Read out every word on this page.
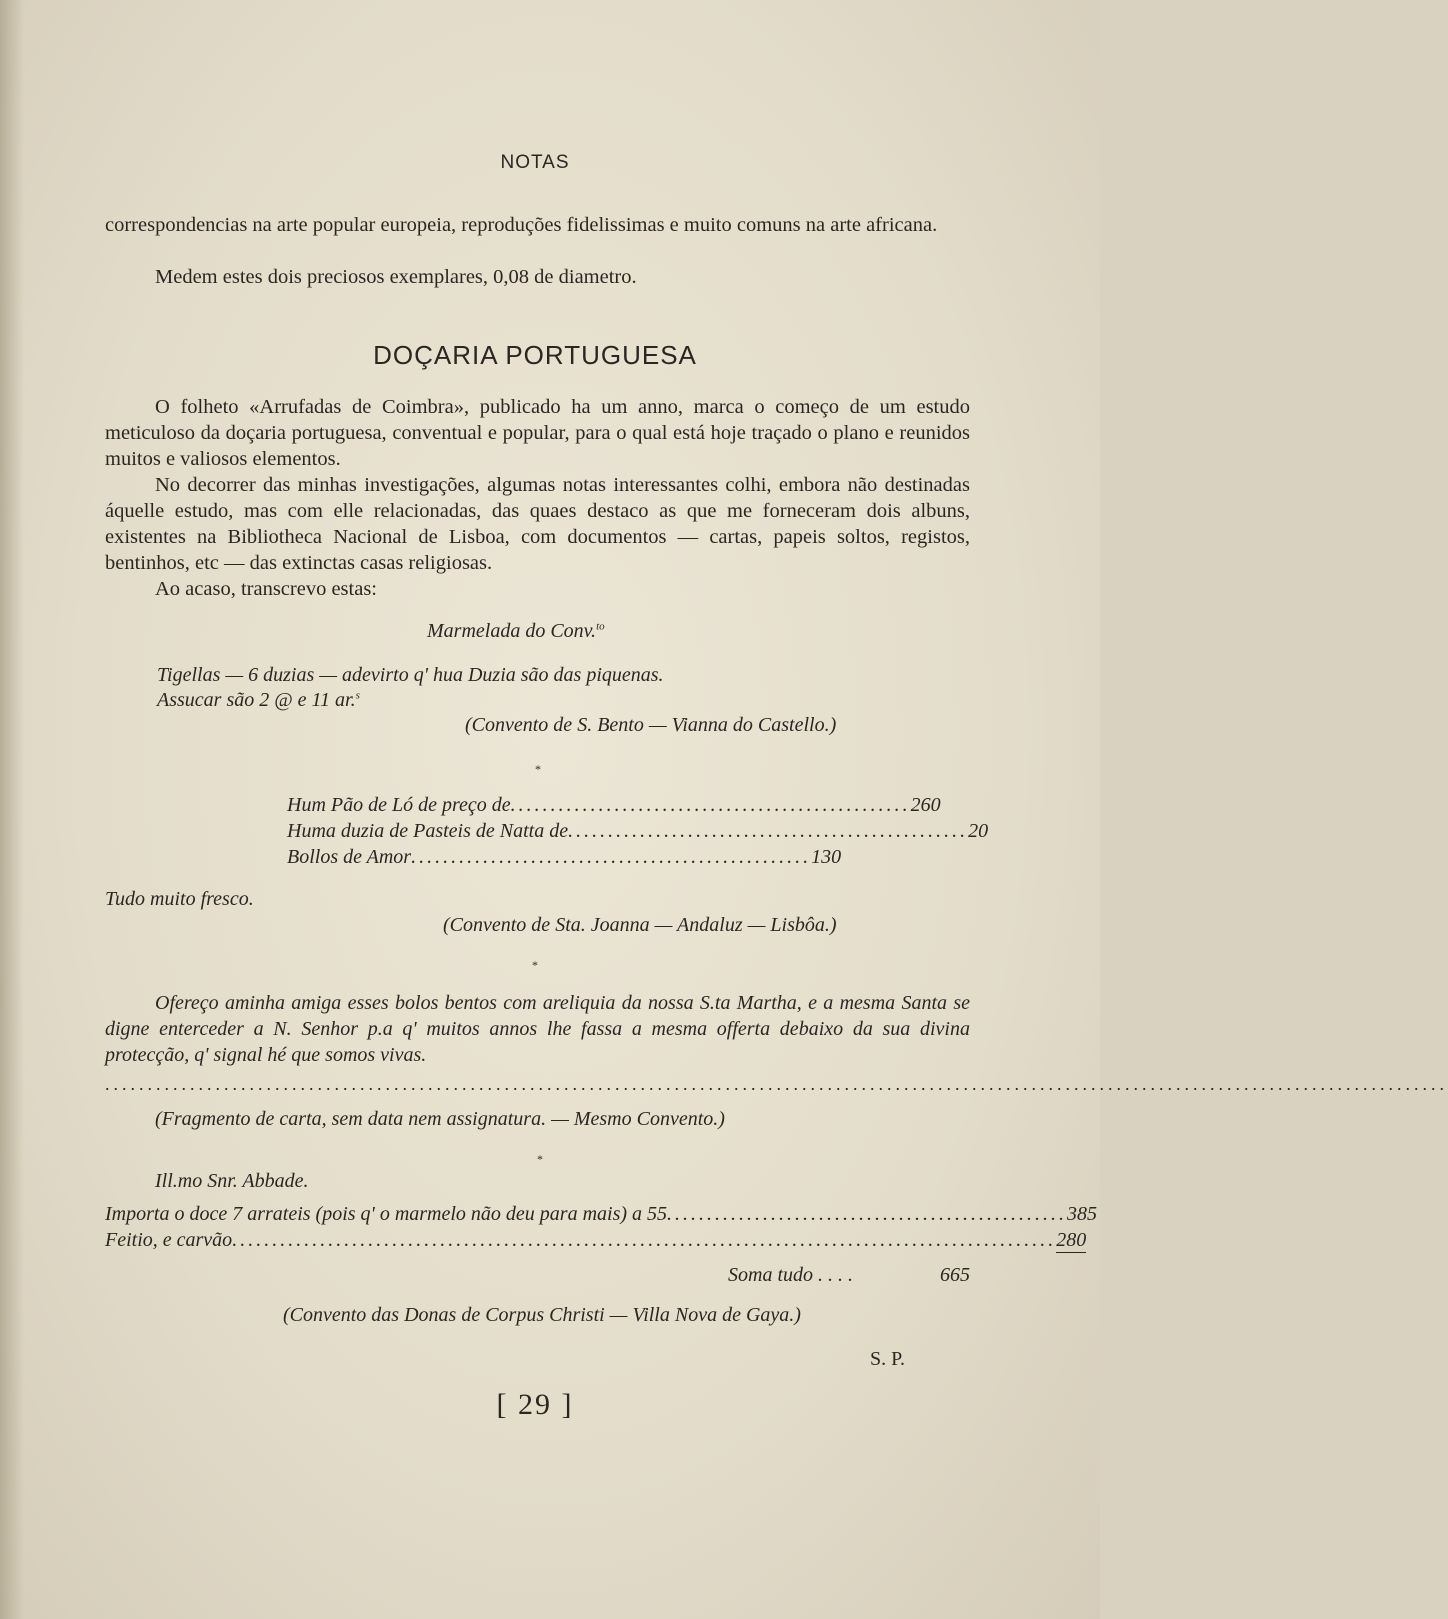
NOTAS
correspondencias na arte popular europeia, reproduções fidelissimas e muito comuns na arte africana.
Medem estes dois preciosos exemplares, 0,08 de diametro.
DOÇARIA PORTUGUESA
O folheto «Arrufadas de Coimbra», publicado ha um anno, marca o começo de um estudo meticuloso da doçaria portuguesa, conventual e popular, para o qual está hoje traçado o plano e reunidos muitos e valiosos elementos.
No decorrer das minhas investigações, algumas notas interessantes colhi, embora não destinadas áquelle estudo, mas com elle relacionadas, das quaes destaco as que me forneceram dois albuns, existentes na Bibliotheca Nacional de Lisboa, com documentos — cartas, papeis soltos, registos, bentinhos, etc — das extinctas casas religiosas.
Ao acaso, transcrevo estas:
Marmelada do Conv.$^{to}$
Tigellas — 6 duzias — adevirto q' hua Duzia são das piquenas.
Assucar são 2 @ e 11 ar.$^s$
(Convento de S. Bento — Vianna do Castello.)
*
Hum Pão de Ló de preço de .................................................. 260
Huma duzia de Pasteis de Natta de .................................................. 20
Bollos de Amor .................................................. 130
Tudo muito fresco.
(Convento de Sta. Joanna — Andaluz — Lisbôa.)
*
Ofereço aminha amiga esses bolos bentos com areliquia da nossa S.ta Martha, e a mesma Santa se digne enterceder a N. Senhor p.a q' muitos annos lhe fassa a mesma offerta debaixo da sua divina protecção, q' signal hé que somos vivas.
..............................................................................................................................................................
(Fragmento de carta, sem data nem assignatura. — Mesmo Convento.)
*
Ill.mo Snr. Abbade.
Importa o doce 7 arrateis (pois q' o marmelo não deu para mais) a 55 .................................................. 385
Feitio, e carvão ....................................................................................................... 280
Soma tudo . . . .	665
(Convento das Donas de Corpus Christi — Villa Nova de Gaya.)
S. P.
[ 29 ]
